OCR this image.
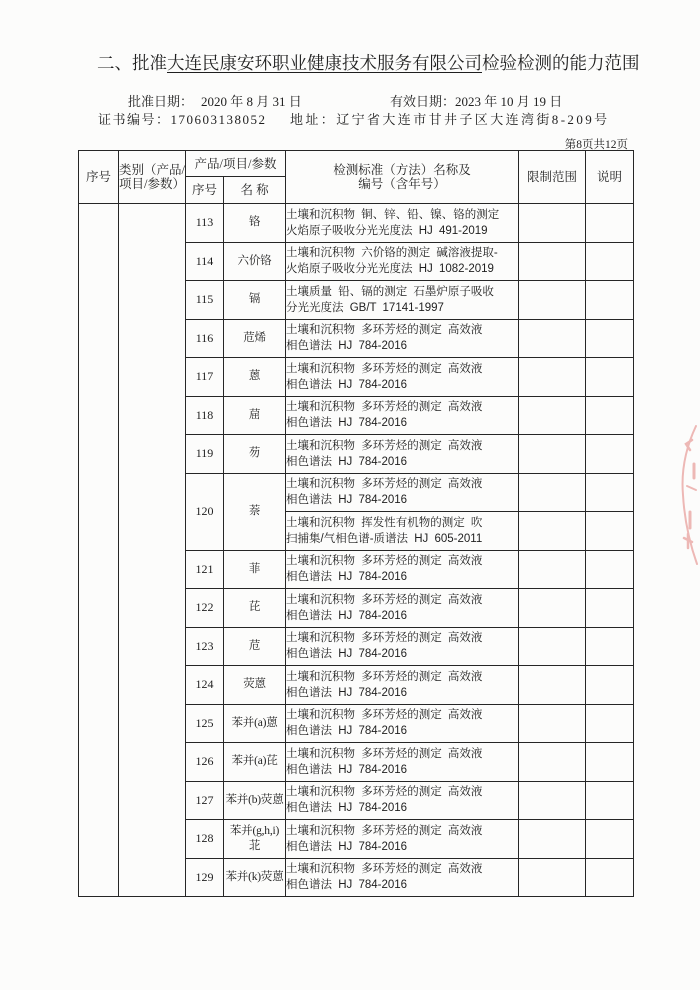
二、批准大连民康安环职业健康技术服务有限公司检验检测的能力范围
批准日期： 2020 年 8 月 31 日	有效日期：2023 年 10 月 19 日
证书编号：170603138052 地址：辽宁省大连市甘井子区大连湾街8-209号
第8页共12页
序号	类别（产品/项目/参数）	产品/项目/参数		检测标准（方法）名称及编号（含年号）	限制范围	说明
		序号	名 称			
		113	铬	土壤和沉积物 铜、锌、铅、镍、铬的测定
火焰原子吸收分光光度法 HJ 491-2019		

		114	六价铬	土壤和沉积物 六价铬的测定 碱溶液提取-
火焰原子吸收分光光度法 HJ 1082-2019		

		115	镉	土壤质量 铅、镉的测定 石墨炉原子吸收
分光光度法 GB/T 17141-1997		

		116	苊烯	土壤和沉积物 多环芳烃的测定 高效液
相色谱法 HJ 784-2016		

		117	蒽	土壤和沉积物 多环芳烃的测定 高效液
相色谱法 HJ 784-2016		

		118	䓛	土壤和沉积物 多环芳烃的测定 高效液
相色谱法 HJ 784-2016		

		119	芴	土壤和沉积物 多环芳烃的测定 高效液
相色谱法 HJ 784-2016		

		120	萘	土壤和沉积物 多环芳烃的测定 高效液
相色谱法 HJ 784-2016		

				土壤和沉积物 挥发性有机物的测定 吹
扫捕集/气相色谱-质谱法 HJ 605-2011		

		121	菲	土壤和沉积物 多环芳烃的测定 高效液
相色谱法 HJ 784-2016		

		122	芘	土壤和沉积物 多环芳烃的测定 高效液
相色谱法 HJ 784-2016		

		123	苊	土壤和沉积物 多环芳烃的测定 高效液
相色谱法 HJ 784-2016		

		124	荧蒽	土壤和沉积物 多环芳烃的测定 高效液
相色谱法 HJ 784-2016		

		125	苯并(a)蒽	土壤和沉积物 多环芳烃的测定 高效液
相色谱法 HJ 784-2016		

		126	苯并(a)芘	土壤和沉积物 多环芳烃的测定 高效液
相色谱法 HJ 784-2016		

		127	苯并(b)荧蒽	土壤和沉积物 多环芳烃的测定 高效液
相色谱法 HJ 784-2016		

		128	苯并(g,h,i)
苝	土壤和沉积物 多环芳烃的测定 高效液
相色谱法 HJ 784-2016		

		129	苯并(k)荧蒽	土壤和沉积物 多环芳烃的测定 高效液
相色谱法 HJ 784-2016		
